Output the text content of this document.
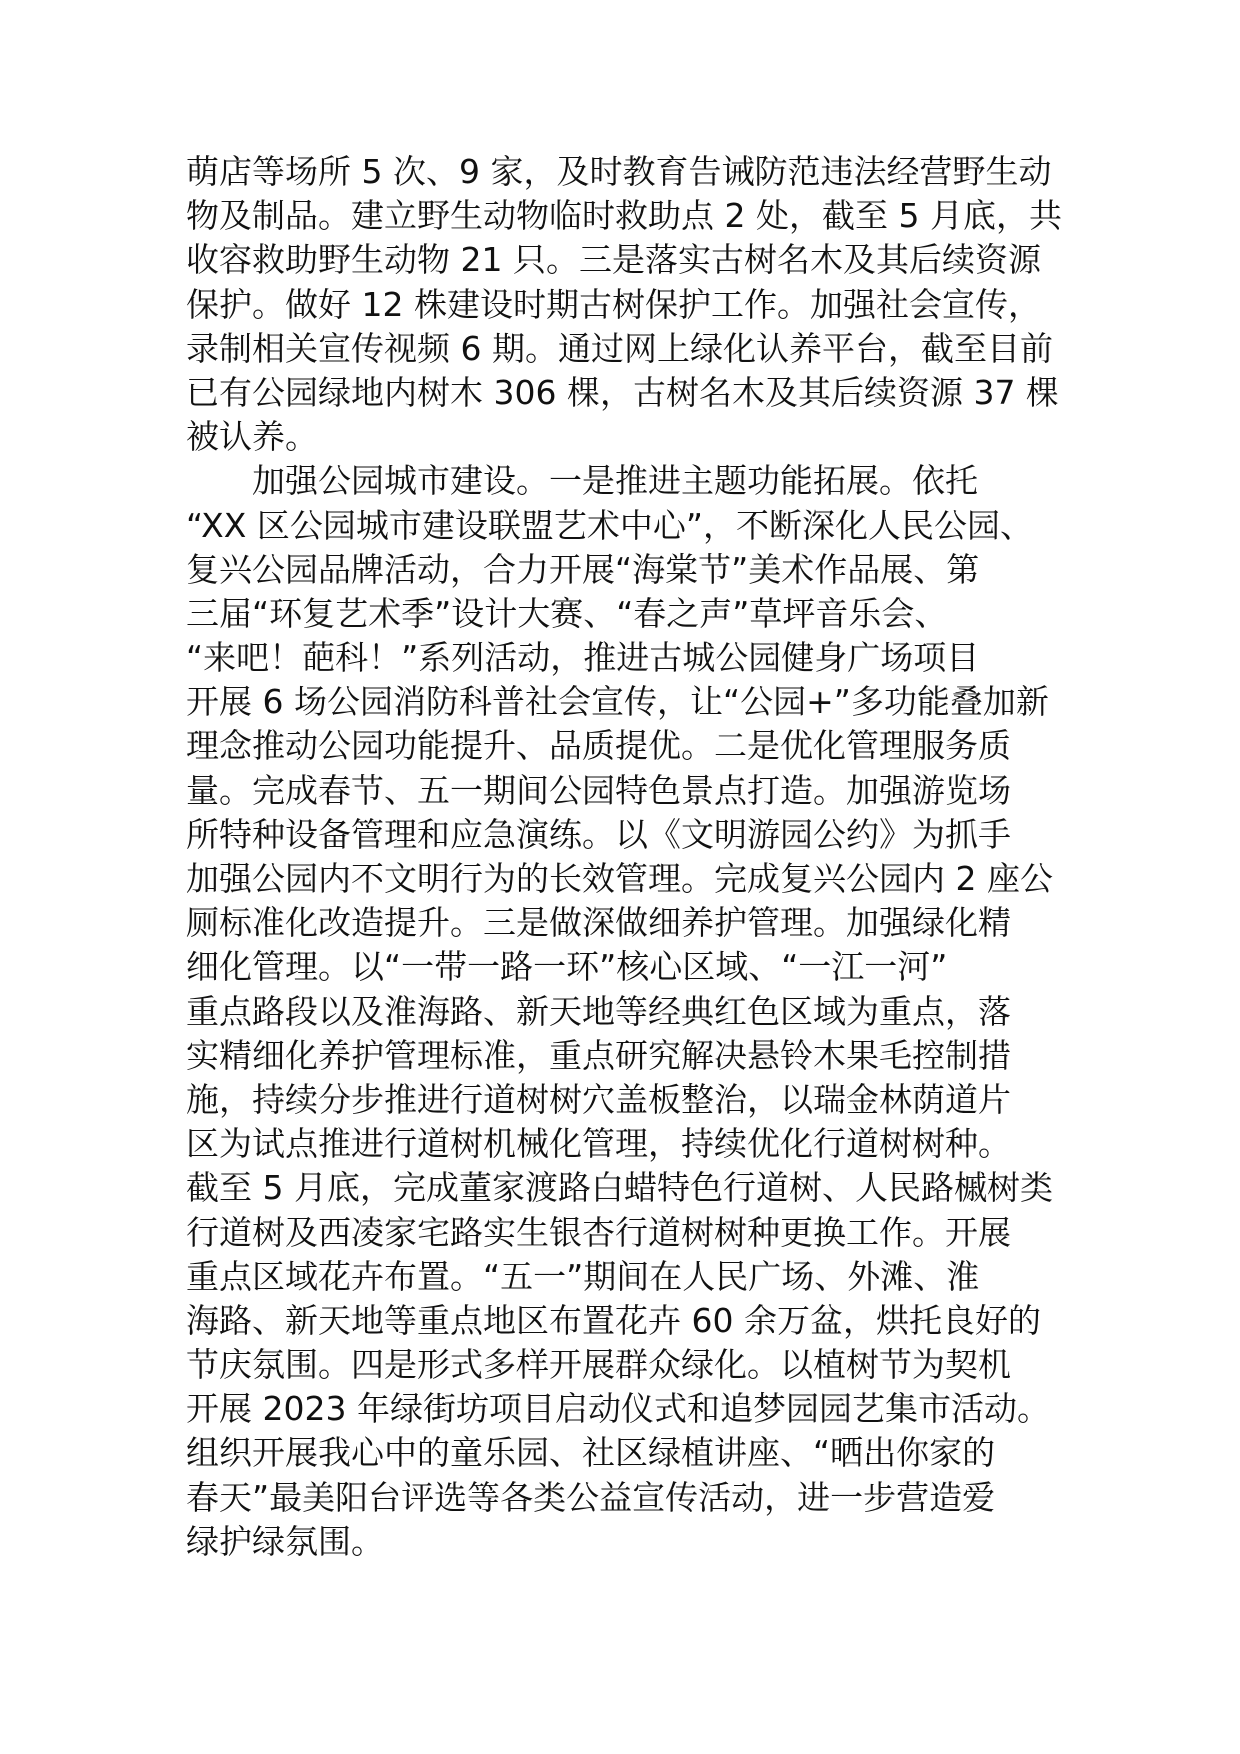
萌店等场所 5 次、9 家，及时教育告诫防范违法经营野生动
物及制品。建立野生动物临时救助点 2 处，截至 5 月底，共
收容救助野生动物 21 只。三是落实古树名木及其后续资源
保护。做好 12 株建设时期古树保护工作。加强社会宣传，
录制相关宣传视频 6 期。通过网上绿化认养平台，截至目前
已有公园绿地内树木 306 棵，古树名木及其后续资源 37 棵
被认养。
加强公园城市建设。一是推进主题功能拓展。依托
“XX 区公园城市建设联盟艺术中心”，不断深化人民公园、
复兴公园品牌活动，合力开展“海棠节”美术作品展、第
三届“环复艺术季”设计大赛、“春之声”草坪音乐会、
“来吧！葩科！”系列活动，推进古城公园健身广场项目
开展 6 场公园消防科普社会宣传，让“公园+”多功能叠加新
理念推动公园功能提升、品质提优。二是优化管理服务质
量。完成春节、五一期间公园特色景点打造。加强游览场
所特种设备管理和应急演练。以《文明游园公约》为抓手
加强公园内不文明行为的长效管理。完成复兴公园内 2 座公
厕标准化改造提升。三是做深做细养护管理。加强绿化精
细化管理。以“一带一路一环”核心区域、“一江一河”
重点路段以及淮海路、新天地等经典红色区域为重点，落
实精细化养护管理标准，重点研究解决悬铃木果毛控制措
施，持续分步推进行道树树穴盖板整治，以瑞金林荫道片
区为试点推进行道树机械化管理，持续优化行道树树种。
截至 5 月底，完成董家渡路白蜡特色行道树、人民路槭树类
行道树及西凌家宅路实生银杏行道树树种更换工作。开展
重点区域花卉布置。“五一”期间在人民广场、外滩、淮
海路、新天地等重点地区布置花卉 60 余万盆，烘托良好的
节庆氛围。四是形式多样开展群众绿化。以植树节为契机
开展 2023 年绿街坊项目启动仪式和追梦园园艺集市活动。
组织开展我心中的童乐园、社区绿植讲座、“晒出你家的
春天”最美阳台评选等各类公益宣传活动，进一步营造爱
绿护绿氛围。
